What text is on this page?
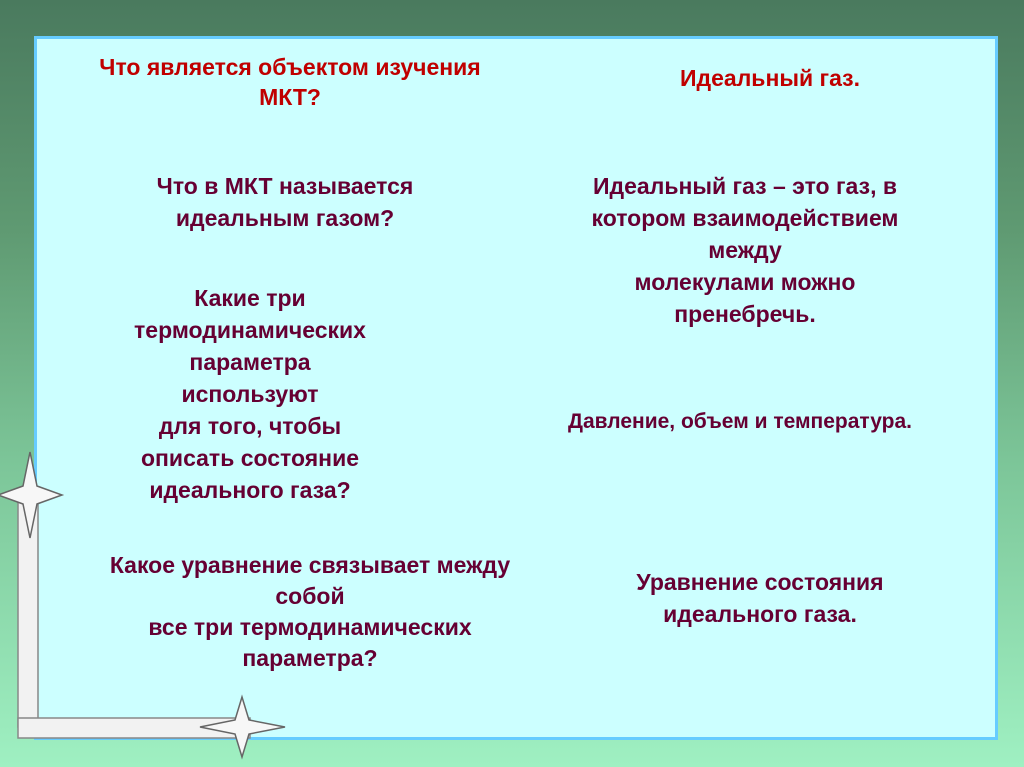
Что является объектом изучения
МКТ?
Идеальный газ.
Что в МКТ называется
идеальным газом?
Идеальный газ – это газ, в
котором взаимодействием
между
молекулами можно
пренебречь.
Какие три
термодинамических
параметра
используют
для того, чтобы
описать состояние
идеального газа?
Давление, объем и температура.
Какое уравнение связывает между
собой
все три термодинамических
параметра?
Уравнение состояния
идеального газа.
